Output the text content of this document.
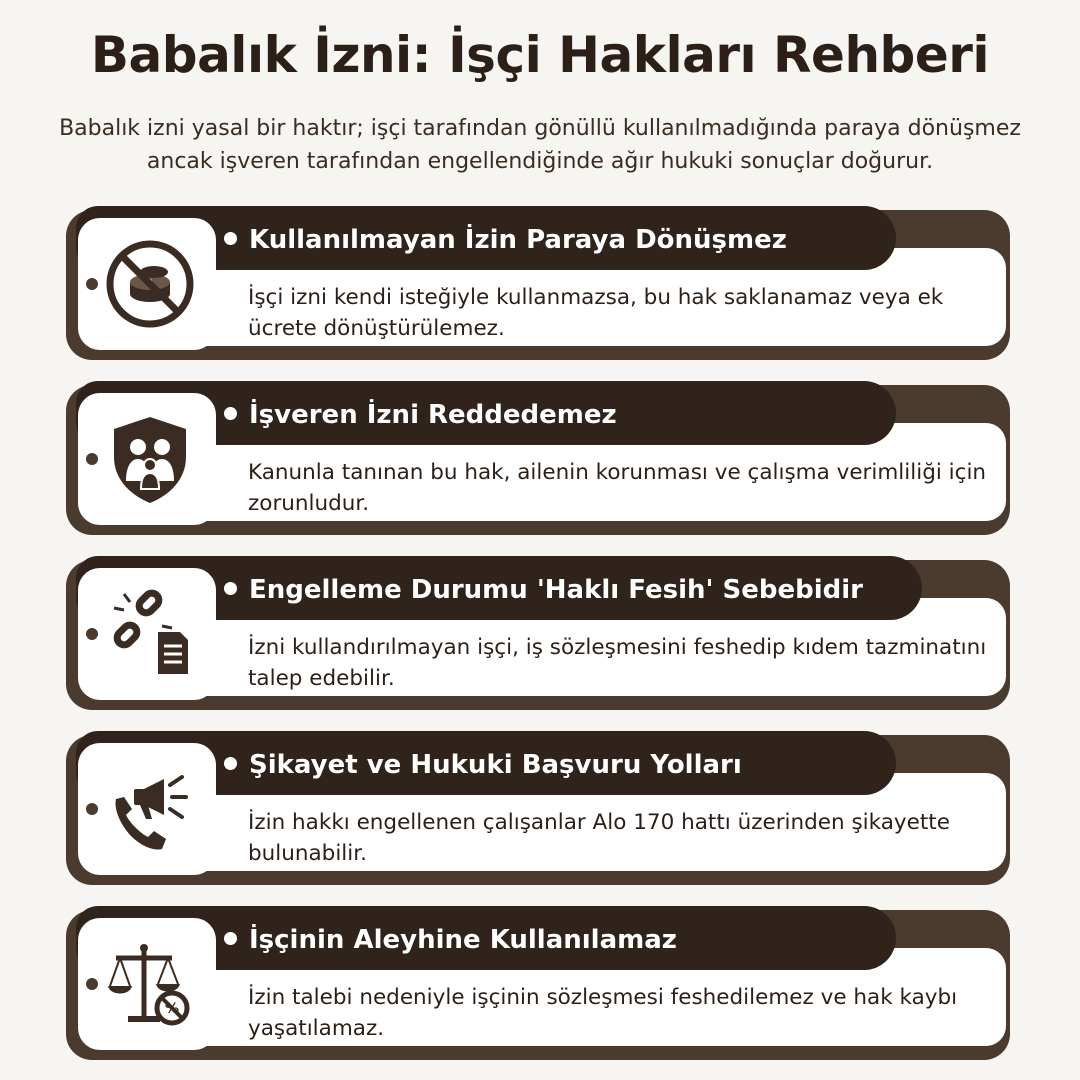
Babalık İzni: İşçi Hakları Rehberi
Babalık izni yasal bir haktır; işçi tarafından gönüllü kullanılmadığında paraya dönüşmez ancak işveren tarafından engellendiğinde ağır hukuki sonuçlar doğurur.
Kullanılmayan İzin Paraya Dönüşmez
İşçi izni kendi isteğiyle kullanmazsa, bu hak saklanamaz veya ek ücrete dönüştürülemez.
İşveren İzni Reddedemez
Kanunla tanınan bu hak, ailenin korunması ve çalışma verimliliği için zorunludur.
Engelleme Durumu 'Haklı Fesih' Sebebidir
İzni kullandırılmayan işçi, iş sözleşmesini feshedip kıdem tazminatını talep edebilir.
Şikayet ve Hukuki Başvuru Yolları
İzin hakkı engellenen çalışanlar Alo 170 hattı üzerinden şikayette bulunabilir.
%
İşçinin Aleyhine Kullanılamaz
İzin talebi nedeniyle işçinin sözleşmesi feshedilemez ve hak kaybı yaşatılamaz.
